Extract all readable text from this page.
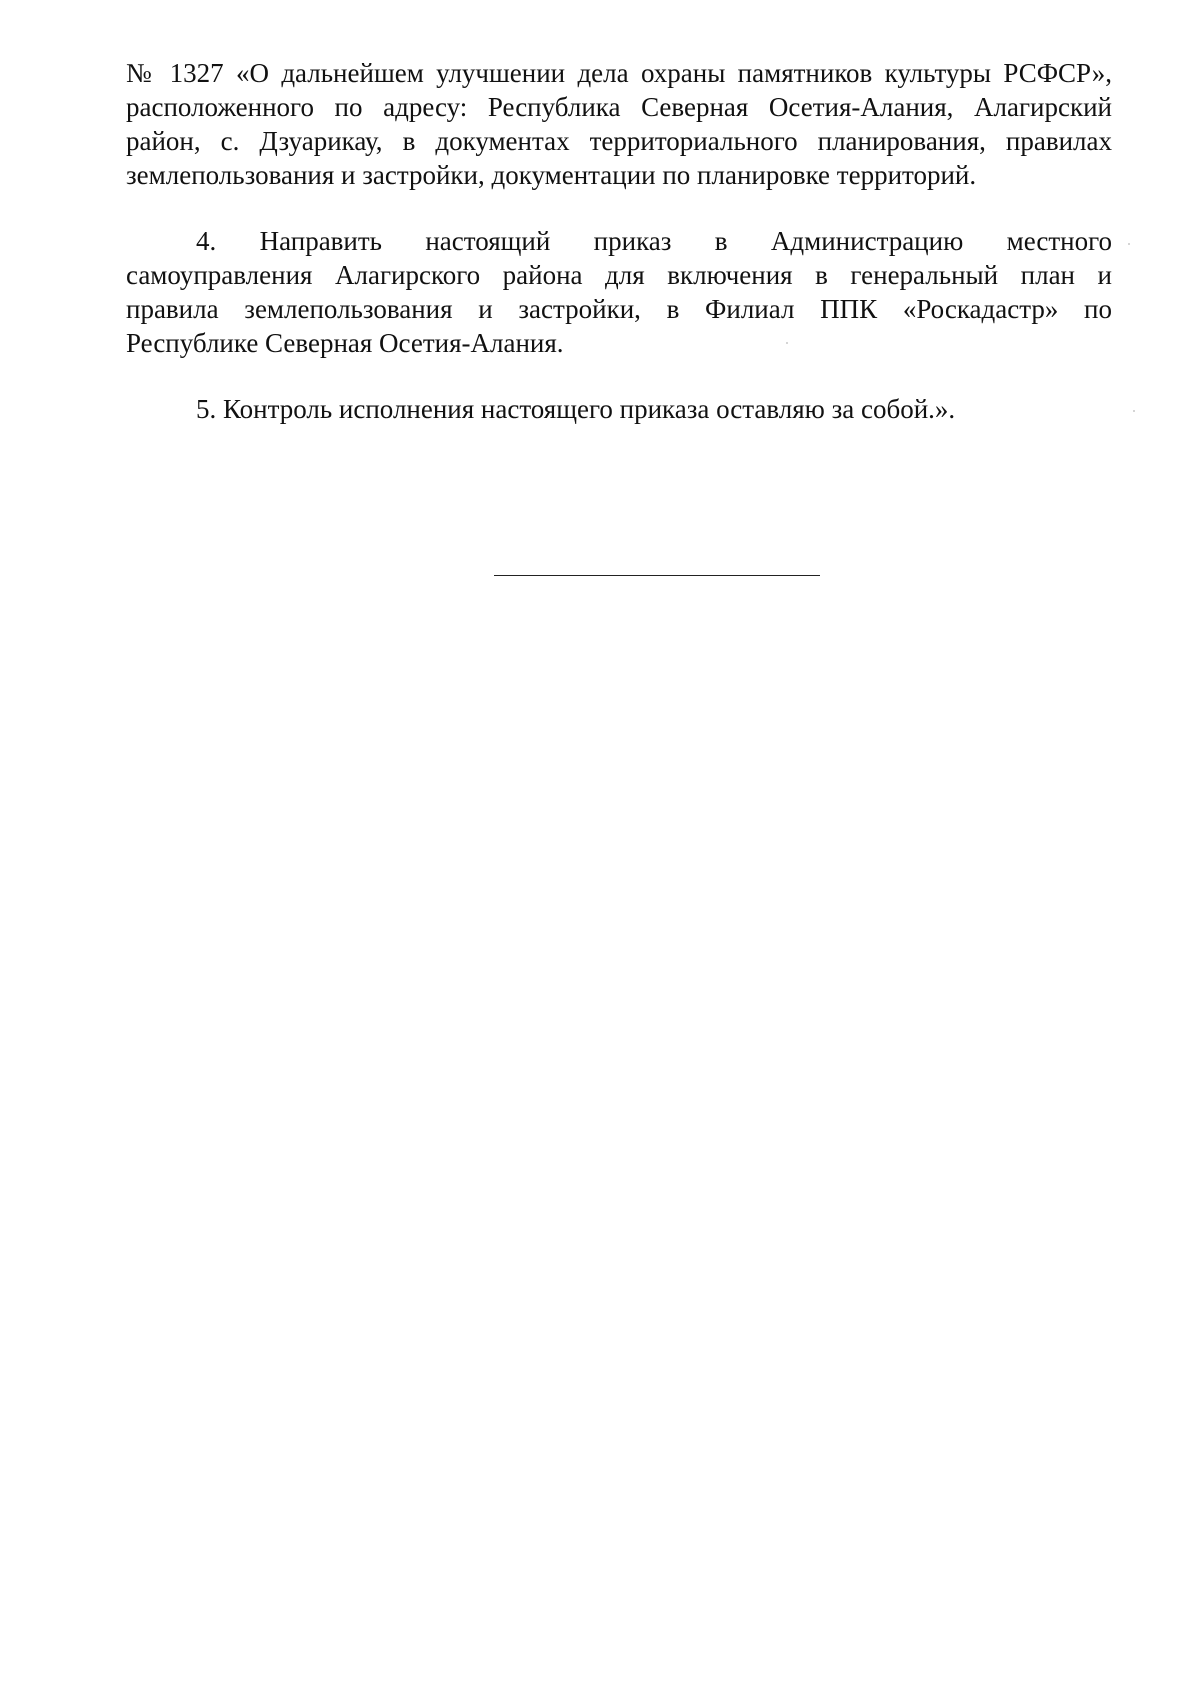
№ 1327 «О дальнейшем улучшении дела охраны памятников культуры РСФСР»,
расположенного по адресу: Республика Северная Осетия-Алания, Алагирский
район, с. Дзуарикау, в документах территориального планирования, правилах
землепользования и застройки, документации по планировке территорий.
4. Направить настоящий приказ в Администрацию местного
самоуправления Алагирского района для включения в генеральный план и
правила землепользования и застройки, в Филиал ППК «Роскадастр» по
Республике Северная Осетия-Алания.
5. Контроль исполнения настоящего приказа оставляю за собой.».
